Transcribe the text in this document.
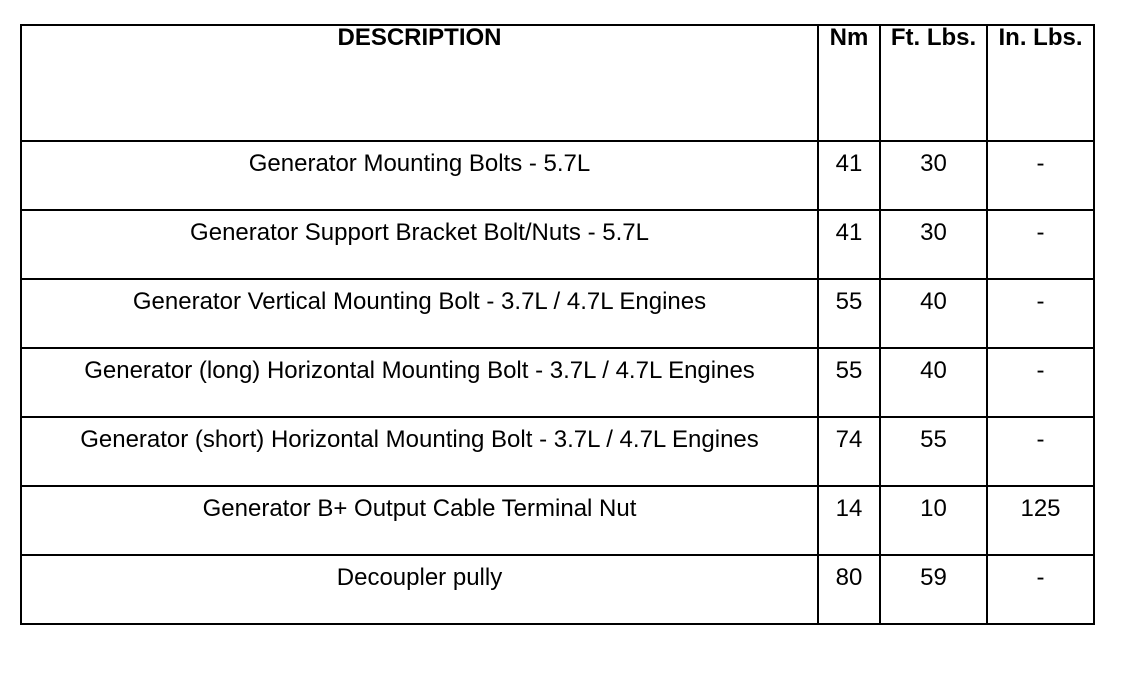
DESCRIPTION	Nm	Ft. Lbs.	In. Lbs.
Generator Mounting Bolts - 5.7L	41	30	-
Generator Support Bracket Bolt/Nuts - 5.7L	41	30	-
Generator Vertical Mounting Bolt - 3.7L / 4.7L Engines	55	40	-
Generator (long) Horizontal Mounting Bolt - 3.7L / 4.7L Engines	55	40	-
Generator (short) Horizontal Mounting Bolt - 3.7L / 4.7L Engines	74	55	-
Generator B+ Output Cable Terminal Nut	14	10	125
Decoupler pully	80	59	-
